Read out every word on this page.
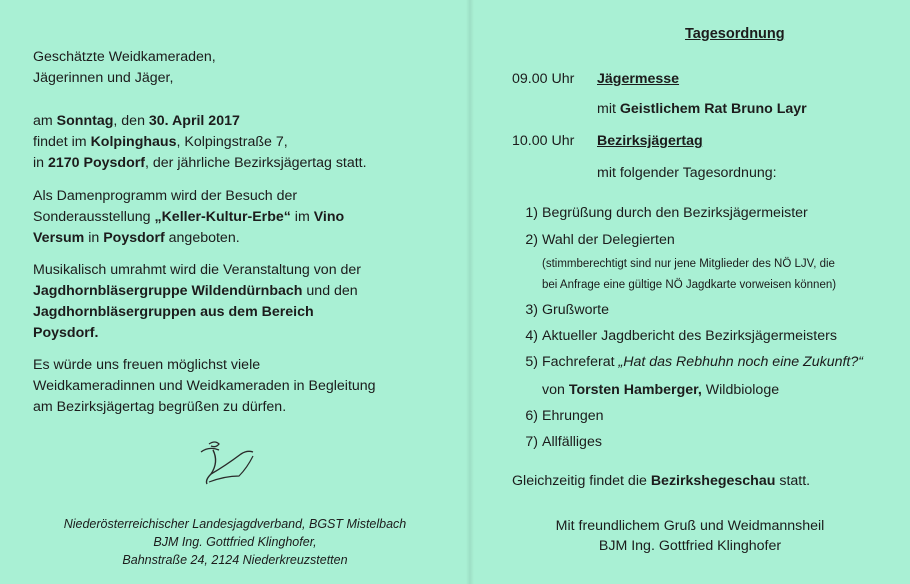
Geschätzte Weidkameraden,

Jägerinnen und Jäger,

am Sonntag, den 30. April 2017

findet im Kolpinghaus, Kolpingstraße 7,

in 2170 Poysdorf, der jährliche Bezirksjägertag statt.

Als Damenprogramm wird der Besuch der

Sonderausstellung „Keller-Kultur-Erbe“ im Vino

Versum in Poysdorf angeboten.

Musikalisch umrahmt wird die Veranstaltung von der

Jagdhornbläsergruppe Wildendürnbach und den

Jagdhornbläsergruppen aus dem Bereich

Poysdorf.

Es würde uns freuen möglichst viele

Weidkameradinnen und Weidkameraden in Begleitung

am Bezirksjägertag begrüßen zu dürfen.

Niederösterreichischer Landesjagdverband, BGST Mistelbach
BJM Ing. Gottfried Klinghofer,
Bahnstraße 24, 2124 Niederkreuzstetten
Tagesordnung
09.00 Uhr Jägermesse
mit Geistlichem Rat Bruno Layr
10.00 Uhr Bezirksjägertag
mit folgender Tagesordnung:
1) Begrüßung durch den Bezirksjägermeister
2) Wahl der Delegierten
(stimmberechtigt sind nur jene Mitglieder des NÖ LJV, die
bei Anfrage eine gültige NÖ Jagdkarte vorweisen können)
3) Grußworte
4) Aktueller Jagdbericht des Bezirksjägermeisters
5) Fachreferat „Hat das Rebhuhn noch eine Zukunft?“
von Torsten Hamberger, Wildbiologe
6) Ehrungen
7) Allfälliges
Gleichzeitig findet die Bezirkshegeschau statt.
Mit freundlichem Gruß und Weidmannsheil
BJM Ing. Gottfried Klinghofer
